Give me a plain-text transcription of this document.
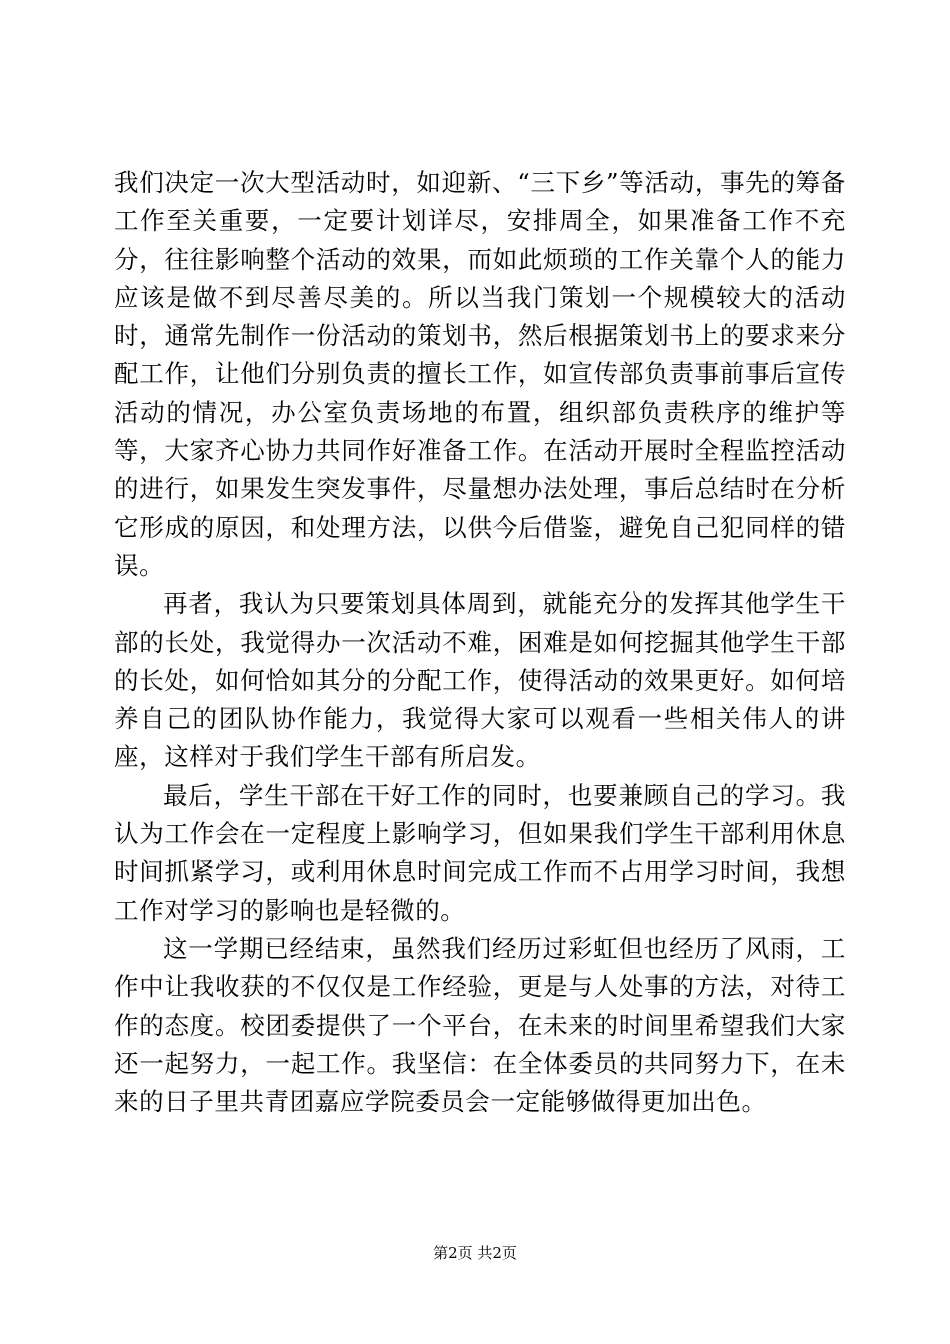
我们决定一次大型活动时，如迎新、“三下乡”等活动，事先的筹备工作至关重要，一定要计划详尽，安排周全，如果准备工作不充分，往往影响整个活动的效果，而如此烦琐的工作关靠个人的能力应该是做不到尽善尽美的。所以当我门策划一个规模较大的活动时，通常先制作一份活动的策划书，然后根据策划书上的要求来分配工作，让他们分别负责的擅长工作，如宣传部负责事前事后宣传活动的情况，办公室负责场地的布置，组织部负责秩序的维护等等，大家齐心协力共同作好准备工作。在活动开展时全程监控活动的进行，如果发生突发事件，尽量想办法处理，事后总结时在分析它形成的原因，和处理方法，以供今后借鉴，避免自己犯同样的错误。

再者，我认为只要策划具体周到，就能充分的发挥其他学生干部的长处，我觉得办一次活动不难，困难是如何挖掘其他学生干部的长处，如何恰如其分的分配工作，使得活动的效果更好。如何培养自己的团队协作能力，我觉得大家可以观看一些相关伟人的讲座，这样对于我们学生干部有所启发。

最后，学生干部在干好工作的同时，也要兼顾自己的学习。我认为工作会在一定程度上影响学习，但如果我们学生干部利用休息时间抓紧学习，或利用休息时间完成工作而不占用学习时间，我想工作对学习的影响也是轻微的。

这一学期已经结束，虽然我们经历过彩虹但也经历了风雨，工作中让我收获的不仅仅是工作经验，更是与人处事的方法，对待工作的态度。校团委提供了一个平台，在未来的时间里希望我们大家还一起努力，一起工作。我坚信：在全体委员的共同努力下，在未来的日子里共青团嘉应学院委员会一定能够做得更加出色。

第2页 共2页
